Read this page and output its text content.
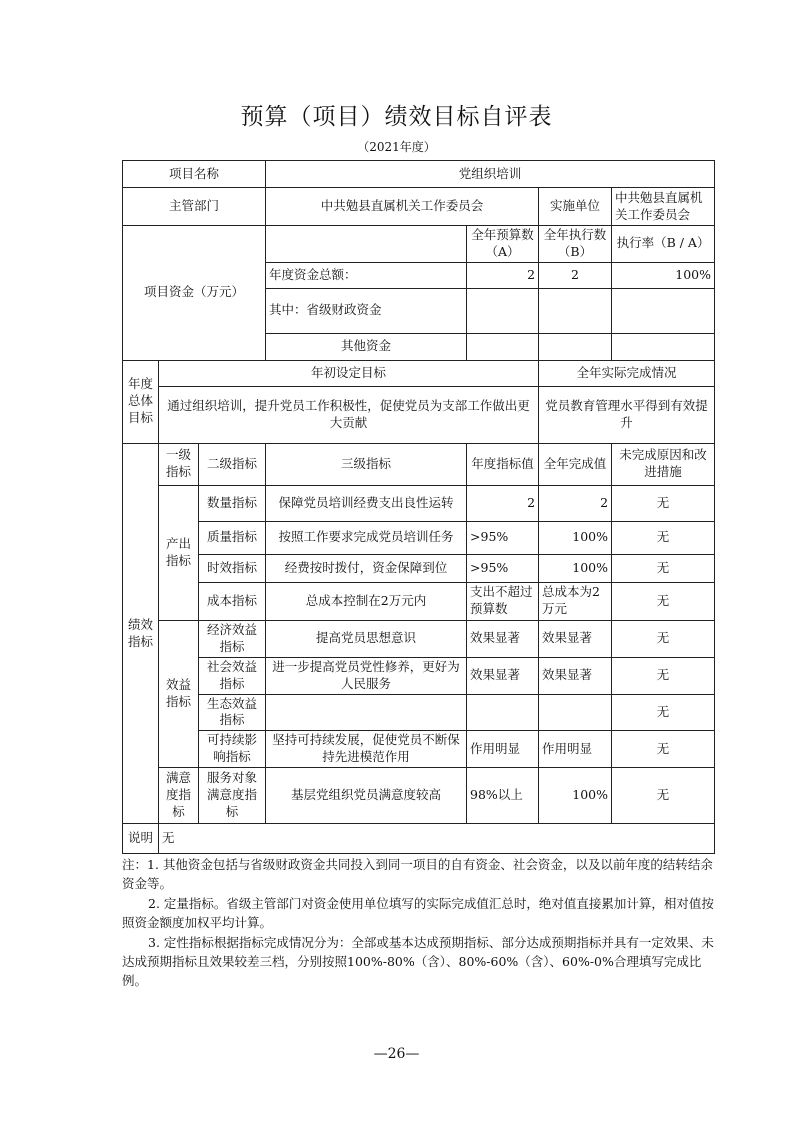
预算（项目）绩效目标自评表
（2021年度）
项目名称			党组织培训			
主管部门			中共勉县直属机关工作委员会		实施单位	中共勉县直属机关工作委员会
项目资金（万元）				全年预算数（A）	全年执行数（B）	执行率（B / A）
			年度资金总额：	2	2	100%
			其中：省级财政资金			
			其他资金			
年度总体目标	年初设定目标				全年实际完成情况	
	通过组织培训，提升党员工作积极性，促使党员为支部工作做出更大贡献				党员教育管理水平得到有效提升	
绩效指标	一级指标	二级指标	三级指标	年度指标值	全年完成值	未完成原因和改进措施
	产出指标	数量指标	保障党员培训经费支出良性运转	2	2	无
		质量指标	按照工作要求完成党员培训任务	>95%	100%	无
		时效指标	经费按时拨付，资金保障到位	>95%	100%	无
		成本指标	总成本控制在2万元内	支出不超过预算数	总成本为2万元	无
	效益指标	经济效益指标	提高党员思想意识	效果显著	效果显著	无
		社会效益指标	进一步提高党员党性修养，更好为人民服务	效果显著	效果显著	无
		生态效益指标				无
		可持续影响指标	坚持可持续发展，促使党员不断保持先进模范作用	作用明显	作用明显	无
	满意度指标	服务对象满意度指标	基层党组织党员满意度较高	98%以上	100%	无
说明	无					

注：1. 其他资金包括与省级财政资金共同投入到同一项目的自有资金、社会资金，以及以前年度的结转结余资金等。

2. 定量指标。省级主管部门对资金使用单位填写的实际完成值汇总时，绝对值直接累加计算，相对值按照资金额度加权平均计算。

3. 定性指标根据指标完成情况分为：全部或基本达成预期指标、部分达成预期指标并具有一定效果、未达成预期指标且效果较差三档，分别按照100%-80%（含）、80%-60%（含）、60%-0%合理填写完成比例。

—26—
